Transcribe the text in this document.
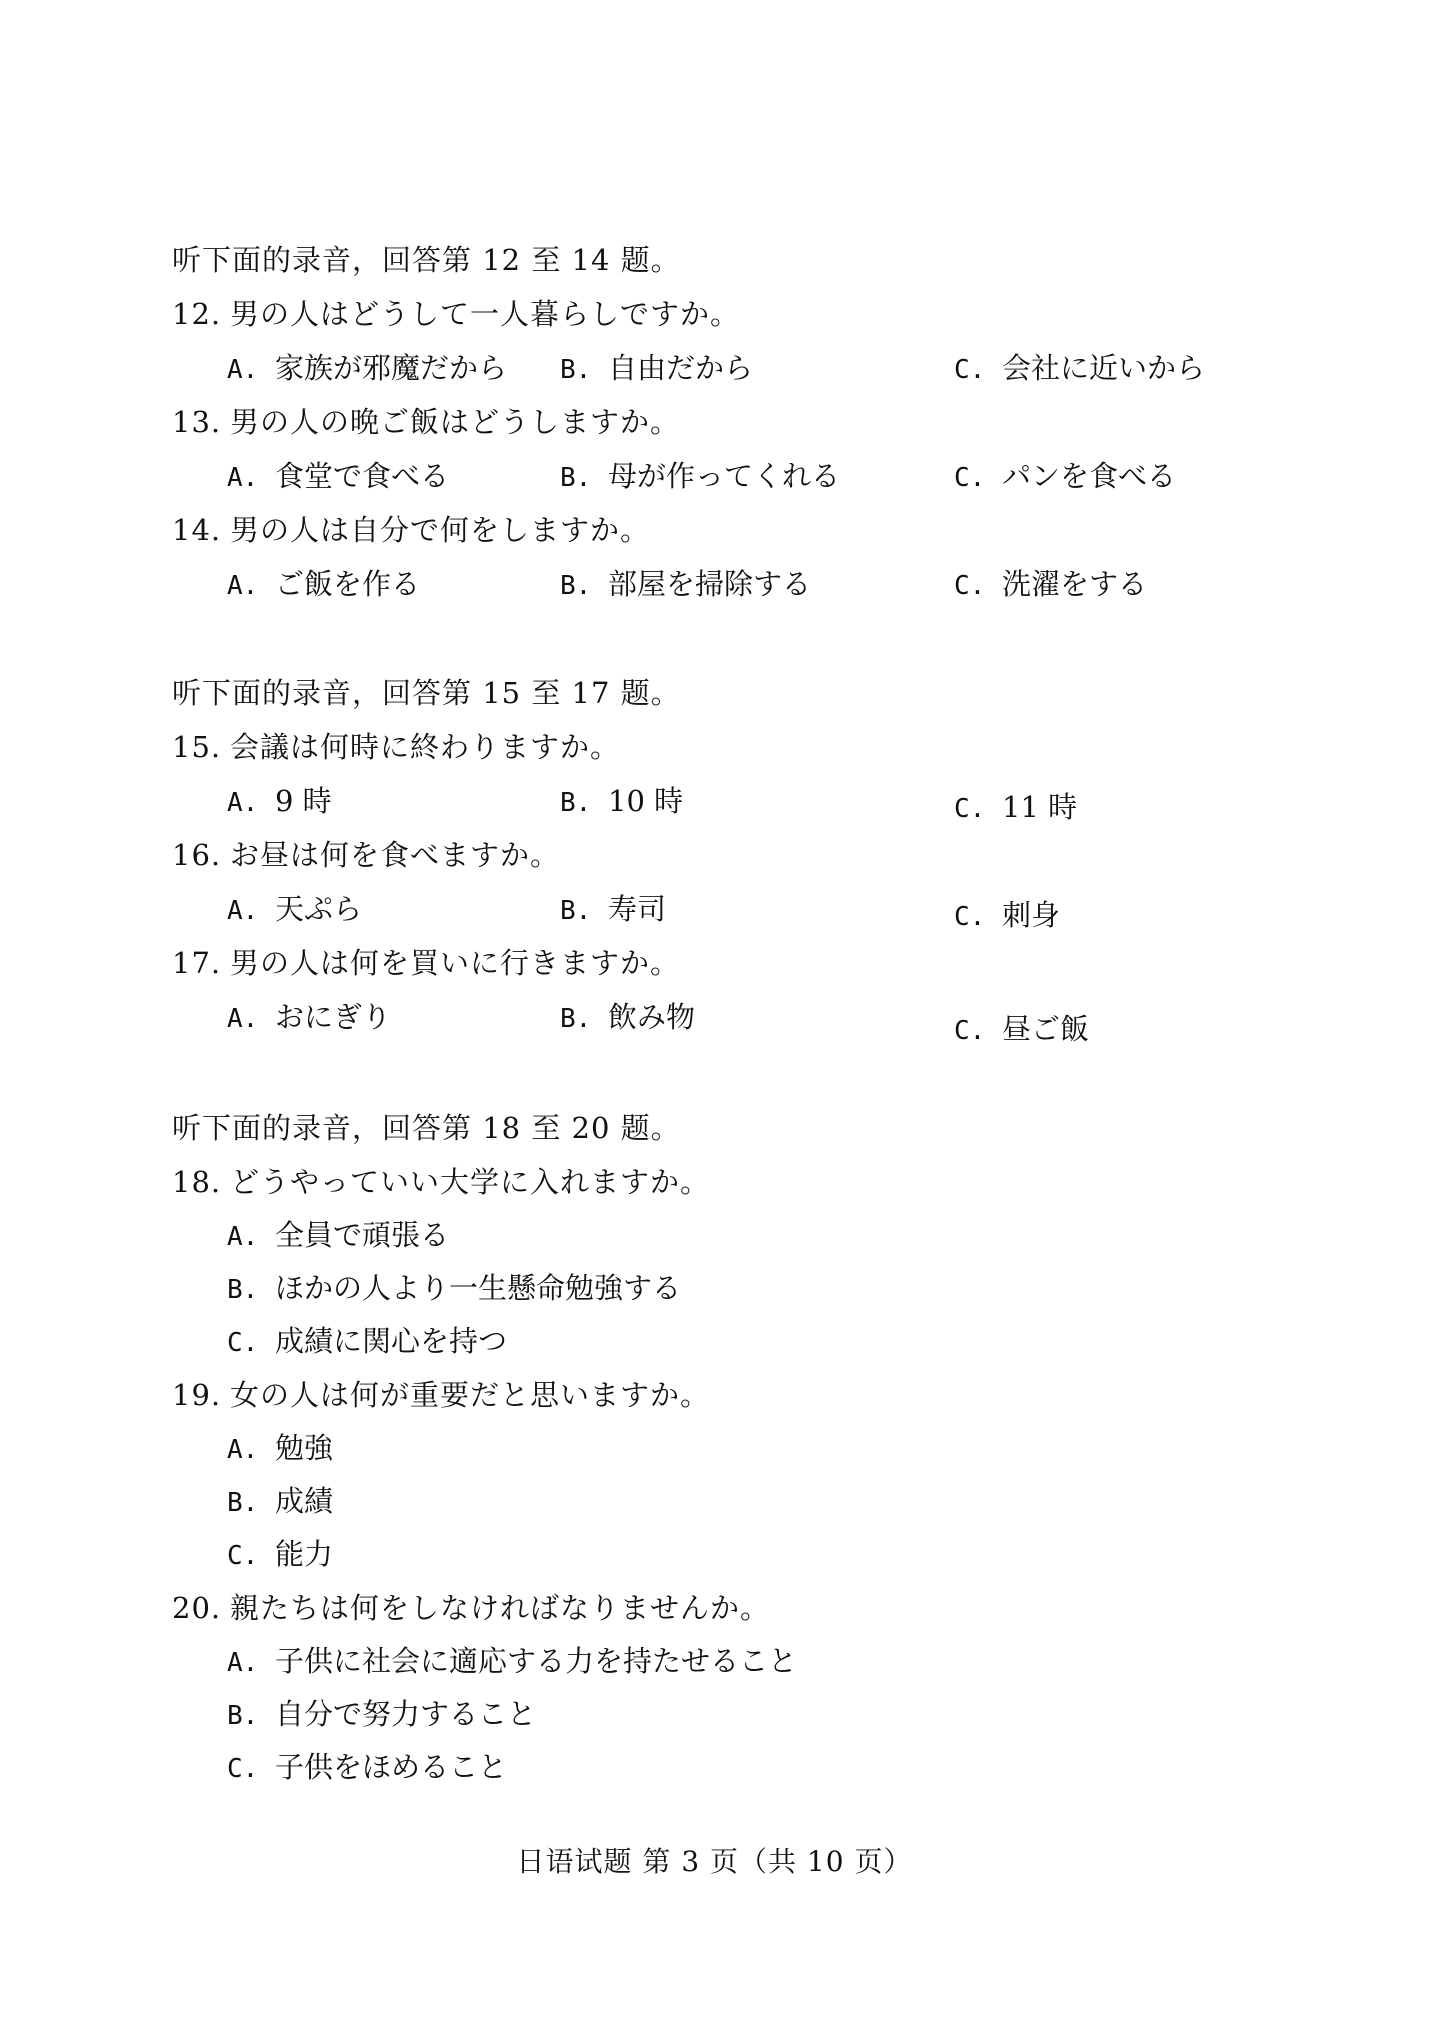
听下面的录音，回答第 12 至 14 题。
12. 男の人はどうして一人暮らしですか。
A. 家族が邪魔だから B. 自由だから	C. 会社に近いから
13. 男の人の晩ご飯はどうしますか。
A. 食堂で食べる	B. 母が作ってくれる	C. パンを食べる
14. 男の人は自分で何をしますか。
A. ご飯を作る	B. 部屋を掃除する	C. 洗濯をする
听下面的录音，回答第 15 至 17 题。
15. 会議は何時に終わりますか。
A. 9 時	B. 10 時	C. 11 時
16. お昼は何を食べますか。
A. 天ぷら	B. 寿司	C. 刺身
17. 男の人は何を買いに行きますか。
A. おにぎり	B. 飲み物	C. 昼ご飯
听下面的录音，回答第 18 至 20 题。
18. どうやっていい大学に入れますか。
A. 全員で頑張る
B. ほかの人より一生懸命勉強する
C. 成績に関心を持つ
19. 女の人は何が重要だと思いますか。
A. 勉強
B. 成績
C. 能力
20. 親たちは何をしなければなりませんか。
A. 子供に社会に適応する力を持たせること
B. 自分で努力すること
C. 子供をほめること
日语试题 第 3 页（共 10 页）
